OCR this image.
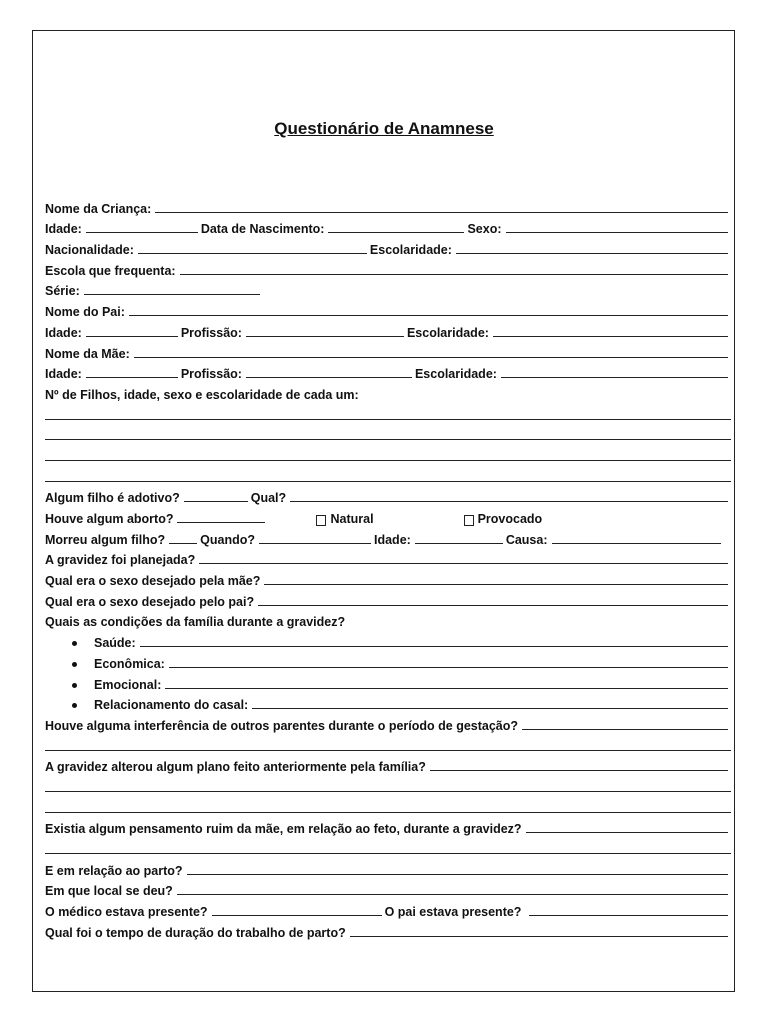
Questionário de Anamnese
Nome da Criança:
Idade:	Data de Nascimento:	Sexo:
Nacionalidade:	Escolaridade:
Escola que frequenta:
Série:
Nome do Pai:
Idade:	Profissão:	Escolaridade:
Nome da Mãe:
Idade:	Profissão:	Escolaridade:
Nº de Filhos, idade, sexo e escolaridade de cada um:
Algum filho é adotivo?	Qual?
Houve algum aborto?	Natural	Provocado
Morreu algum filho?	Quando?	Idade:	Causa:
A gravidez foi planejada?
Qual era o sexo desejado pela mãe?
Qual era o sexo desejado pelo pai?
Quais as condições da família durante a gravidez?
Saúde:
Econômica:
Emocional:
Relacionamento do casal:
Houve alguma interferência de outros parentes durante o período de gestação?
A gravidez alterou algum plano feito anteriormente pela família?
Existia algum pensamento ruim da mãe, em relação ao feto, durante a gravidez?
E em relação ao parto?
Em que local se deu?
O médico estava presente?	O pai estava presente?
Qual foi o tempo de duração do trabalho de parto?
